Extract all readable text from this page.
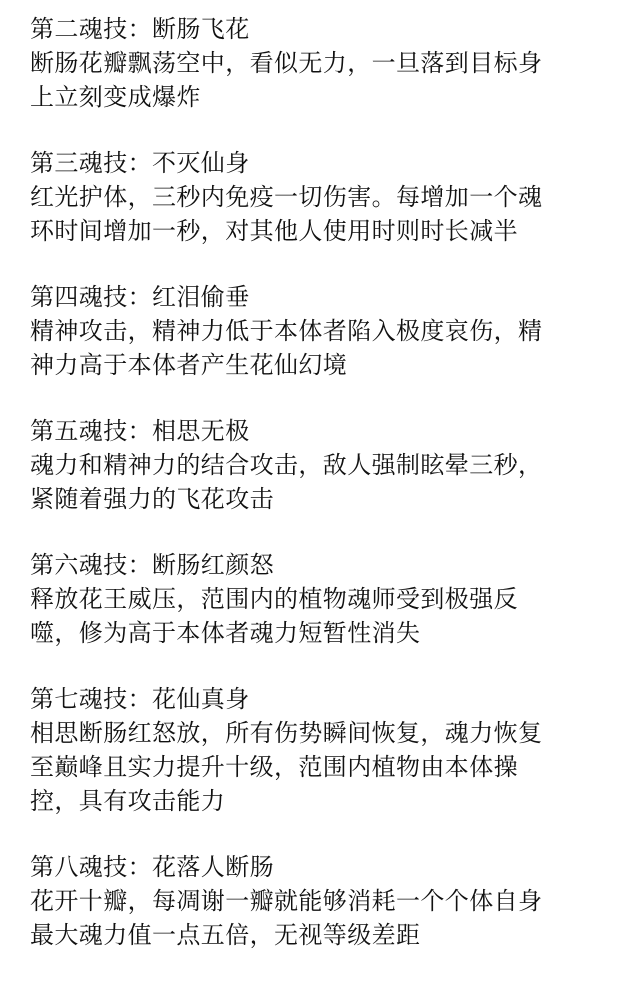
第二魂技：断肠飞花
断肠花瓣飘荡空中，看似无力，一旦落到目标身
上立刻变成爆炸
第三魂技：不灭仙身
红光护体，三秒内免疫一切伤害。每增加一个魂
环时间增加一秒，对其他人使用时则时长减半
第四魂技：红泪偷垂
精神攻击，精神力低于本体者陷入极度哀伤，精
神力高于本体者产生花仙幻境
第五魂技：相思无极
魂力和精神力的结合攻击，敌人强制眩晕三秒，
紧随着强力的飞花攻击
第六魂技：断肠红颜怒
释放花王威压，范围内的植物魂师受到极强反
噬，修为高于本体者魂力短暂性消失
第七魂技：花仙真身
相思断肠红怒放，所有伤势瞬间恢复，魂力恢复
至巅峰且实力提升十级，范围内植物由本体操
控，具有攻击能力
第八魂技：花落人断肠
花开十瓣，每凋谢一瓣就能够消耗一个个体自身
最大魂力值一点五倍，无视等级差距
